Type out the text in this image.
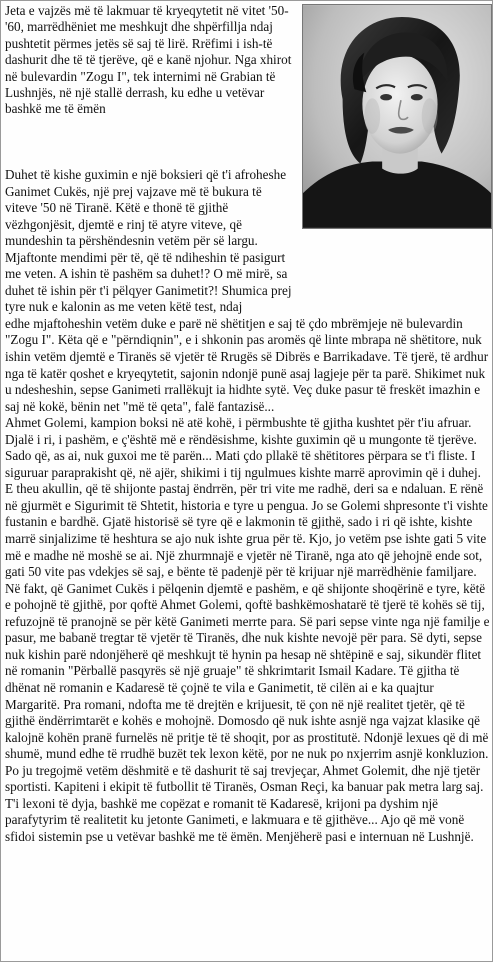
Jeta e vajzës më të lakmuar të kryeqytetit në vitet '50-'60, marrëdhëniet me meshkujt dhe shpërfillja ndaj pushtetit përmes jetës së saj të lirë. Rrëfimi i ish-të dashurit dhe të të tjerëve, që e kanë njohur. Nga xhirot në bulevardin "Zogu I", tek internimi në Grabian të Lushnjës, në një stallë derrash, ku edhe u vetëvar bashkë me të ëmën

Duhet të kishe guximin e një boksieri që t'i afroheshe Ganimet Cukës, një prej vajzave më të bukura të viteve '50 në Tiranë. Këtë e thonë të gjithë vëzhgonjësit, djemtë e rinj të atyre viteve, që mundeshin ta përshëndesnin vetëm për së largu. Mjaftonte mendimi për të, që të ndiheshin të pasigurt me veten. A ishin të pashëm sa duhet!? O më mirë, sa duhet të ishin për t'i pëlqyer Ganimetit?! Shumica prej tyre nuk e kalonin as me veten këtë test, ndaj

edhe mjaftoheshin vetëm duke e parë në shëtitjen e saj të çdo mbrëmjeje në bulevardin "Zogu I". Këta që e "përndiqnin", e i shkonin pas aromës që linte mbrapa në shëtitore, nuk ishin vetëm djemtë e Tiranës së vjetër të Rrugës së Dibrës e Barrikadave. Të tjerë, të ardhur nga të katër qoshet e kryeqytetit, sajonin ndonjë punë asaj lagjeje për ta parë. Shikimet nuk u ndesheshin, sepse Ganimeti rrallëkujt ia hidhte sytë. Veç duke pasur të freskët imazhin e saj në kokë, bënin net "më të qeta", falë fantazisë...

Ahmet Golemi, kampion boksi në atë kohë, i përmbushte të gjitha kushtet për t'iu afruar. Djalë i ri, i pashëm, e ç'është më e rëndësishme, kishte guximin që u mungonte të tjerëve. Sado që, as ai, nuk guxoi me të parën... Mati çdo pllakë të shëtitores përpara se t'i fliste. I siguruar paraprakisht që, në ajër, shikimi i tij ngulmues kishte marrë aprovimin që i duhej.

E theu akullin, që të shijonte pastaj ëndrrën, për tri vite me radhë, deri sa e ndaluan. E rënë në gjurmët e Sigurimit të Shtetit, historia e tyre u pengua. Jo se Golemi shpresonte t'i vishte fustanin e bardhë. Gjatë historisë së tyre që e lakmonin të gjithë, sado i ri që ishte, kishte marrë sinjalizime të heshtura se ajo nuk ishte grua për të. Kjo, jo vetëm pse ishte gati 5 vite më e madhe në moshë se ai. Një zhurmnajë e vjetër në Tiranë, nga ato që jehojnë ende sot, gati 50 vite pas vdekjes së saj, e bënte të padenjë për të krijuar një marrëdhënie familjare.

Në fakt, që Ganimet Cukës i pëlqenin djemtë e pashëm, e që shijonte shoqërinë e tyre, këtë e pohojnë të gjithë, por qoftë Ahmet Golemi, qoftë bashkëmoshatarë të tjerë të kohës së tij, refuzojnë të pranojnë se për këtë Ganimeti merrte para. Së pari sepse vinte nga një familje e pasur, me babanë tregtar të vjetër të Tiranës, dhe nuk kishte nevojë për para. Së dyti, sepse nuk kishin parë ndonjëherë që meshkujt të hynin pa hesap në shtëpinë e saj, sikundër flitet në romanin "Përballë pasqyrës së një gruaje" të shkrimtarit Ismail Kadare. Të gjitha të dhënat në romanin e Kadaresë të çojnë te vila e Ganimetit, të cilën ai e ka quajtur Margaritë. Pra romani, ndofta me të drejtën e krijuesit, të çon në një realitet tjetër, që të gjithë ëndërrimtarët e kohës e mohojnë. Domosdo që nuk ishte asnjë nga vajzat klasike që kalojnë kohën pranë furnelës në pritje të të shoqit, por as prostitutë. Ndonjë lexues që di më shumë, mund edhe të rrudhë buzët tek lexon këtë, por ne nuk po nxjerrim asnjë konkluzion. Po ju tregojmë vetëm dëshmitë e të dashurit të saj trevjeçar, Ahmet Golemit, dhe një tjetër sportisti. Kapiteni i ekipit të futbollit të Tiranës, Osman Reçi, ka banuar pak metra larg saj. T'i lexoni të dyja, bashkë me copëzat e romanit të Kadaresë, krijoni pa dyshim një parafytyrim të realitetit ku jetonte Ganimeti, e lakmuara e të gjithëve... Ajo që më vonë sfidoi sistemin pse u vetëvar bashkë me të ëmën. Menjëherë pasi e internuan në Lushnjë.
